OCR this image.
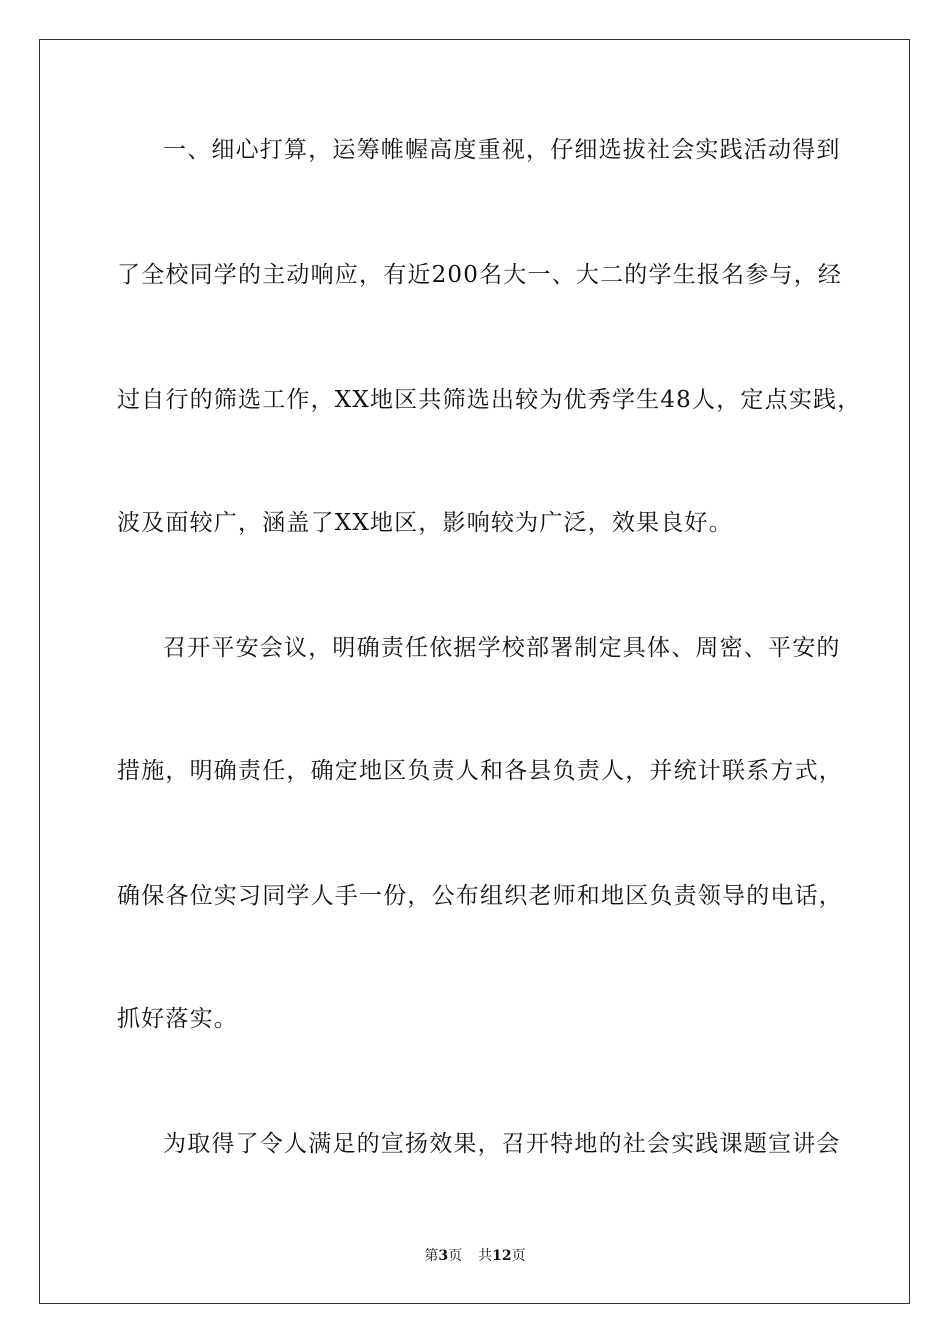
一、细心打算，运筹帷幄高度重视，仔细选拔社会实践活动得到
了全校同学的主动响应，有近200名大一、大二的学生报名参与，经
过自行的筛选工作，XX地区共筛选出较为优秀学生48人，定点实践，
波及面较广，涵盖了XX地区，影响较为广泛，效果良好。
召开平安会议，明确责任依据学校部署制定具体、周密、平安的
措施，明确责任，确定地区负责人和各县负责人，并统计联系方式，
确保各位实习同学人手一份，公布组织老师和地区负责领导的电话，
抓好落实。
为取得了令人满足的宣扬效果，召开特地的社会实践课题宣讲会
第3页 共12页
